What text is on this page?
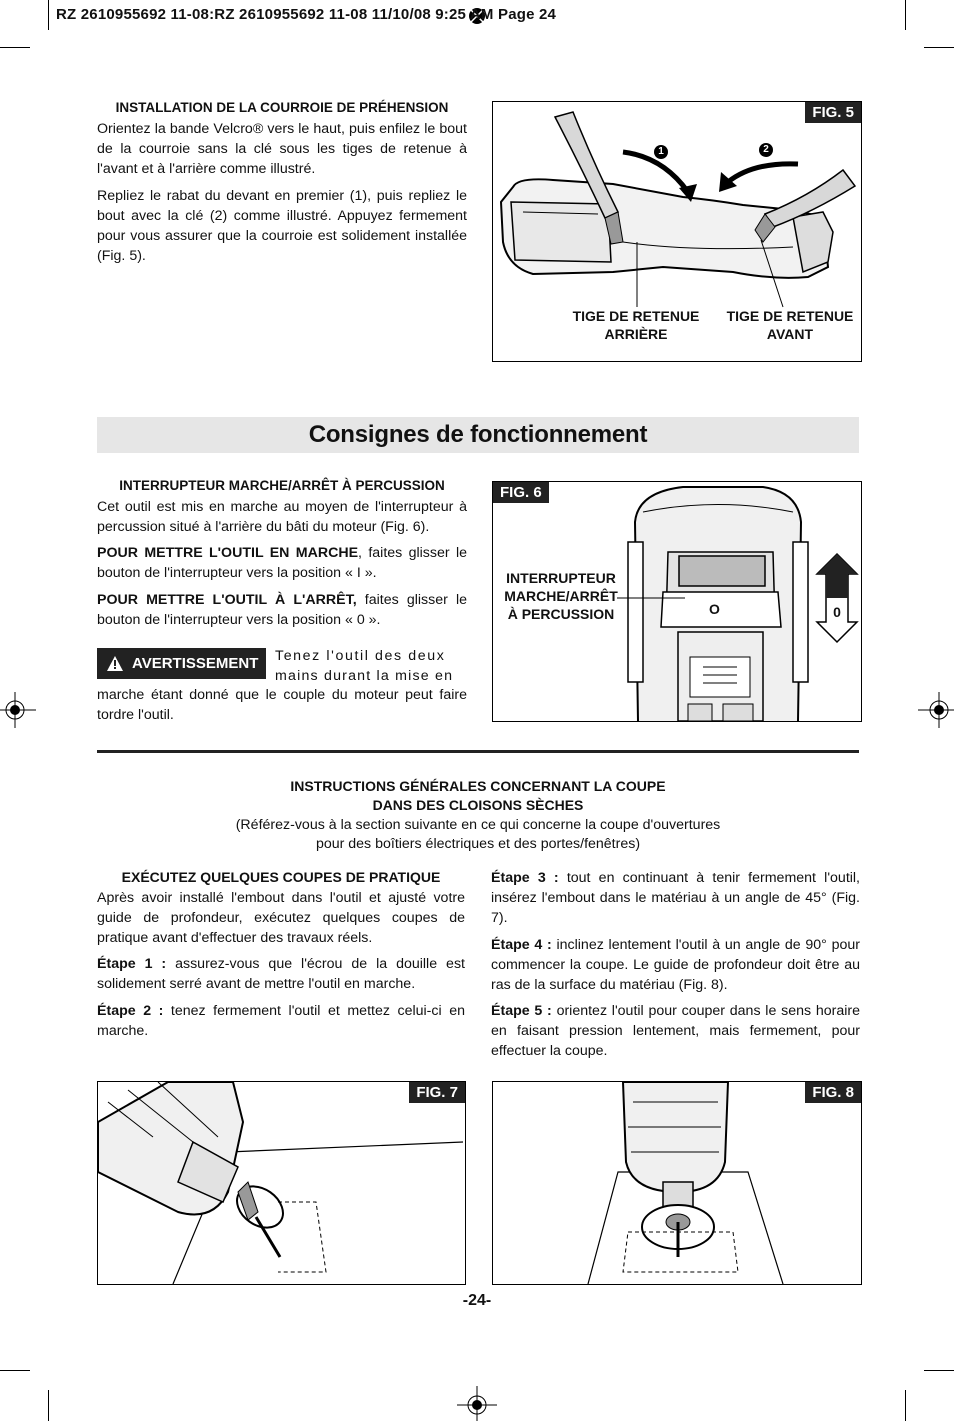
RZ 2610955692 11-08:RZ 2610955692 11-08 11/10/08 9:25 AM Page 24
INSTALLATION DE LA COURROIE DE PRÉHENSION
Orientez la bande Velcro® vers le haut, puis enfilez le bout de la courroie sans la clé sous les tiges de retenue à l'avant et à l'arrière comme illustré.
Repliez le rabat du devant en premier (1), puis repliez le bout avec la clé (2) comme illustré. Appuyez fermement pour vous assurer que la courroie est solidement installée (Fig. 5).
1	2
FIG. 5
TIGE DE RETENUE
ARRIÈRE
TIGE DE RETENUE
AVANT
Consignes de fonctionnement
INTERRUPTEUR MARCHE/ARRÊT À PERCUSSION
Cet outil est mis en marche au moyen de l'interrupteur à percussion situé à l'arrière du bâti du moteur (Fig. 6).
POUR METTRE L'OUTIL EN MARCHE, faites glisser le bouton de l'interrupteur vers la position « I ».
POUR METTRE L'OUTIL À L'ARRÊT, faites glisser le bouton de l'interrupteur vers la position « 0 ».
AVERTISSEMENT Tenez l'outil des deux
mains durant la mise en
marche étant donné que le couple du moteur peut faire tordre l'outil.
O	0
FIG. 6
INTERRUPTEUR
MARCHE/ARRÊT
À PERCUSSION
INSTRUCTIONS GÉNÉRALES CONCERNANT LA COUPE
DANS DES CLOISONS SÈCHES
(Référez-vous à la section suivante en ce qui concerne la coupe d'ouvertures
pour des boîtiers électriques et des portes/fenêtres)
EXÉCUTEZ QUELQUES COUPES DE PRATIQUE
Après avoir installé l'embout dans l'outil et ajusté votre guide de profondeur, exécutez quelques coupes de pratique avant d'effectuer des travaux réels.
Étape 1 : assurez-vous que l'écrou de la douille est solidement serré avant de mettre l'outil en marche.
Étape 2 : tenez fermement l'outil et mettez celui-ci en marche.
Étape 3 : tout en continuant à tenir fermement l'outil, insérez l'embout dans le matériau à un angle de 45° (Fig. 7).
Étape 4 : inclinez lentement l'outil à un angle de 90° pour commencer la coupe. Le guide de profondeur doit être au ras de la surface du matériau (Fig. 8).
Étape 5 : orientez l'outil pour couper dans le sens horaire en faisant pression lentement, mais fermement, pour effectuer la coupe.
FIG. 7	FIG. 8
-24-
